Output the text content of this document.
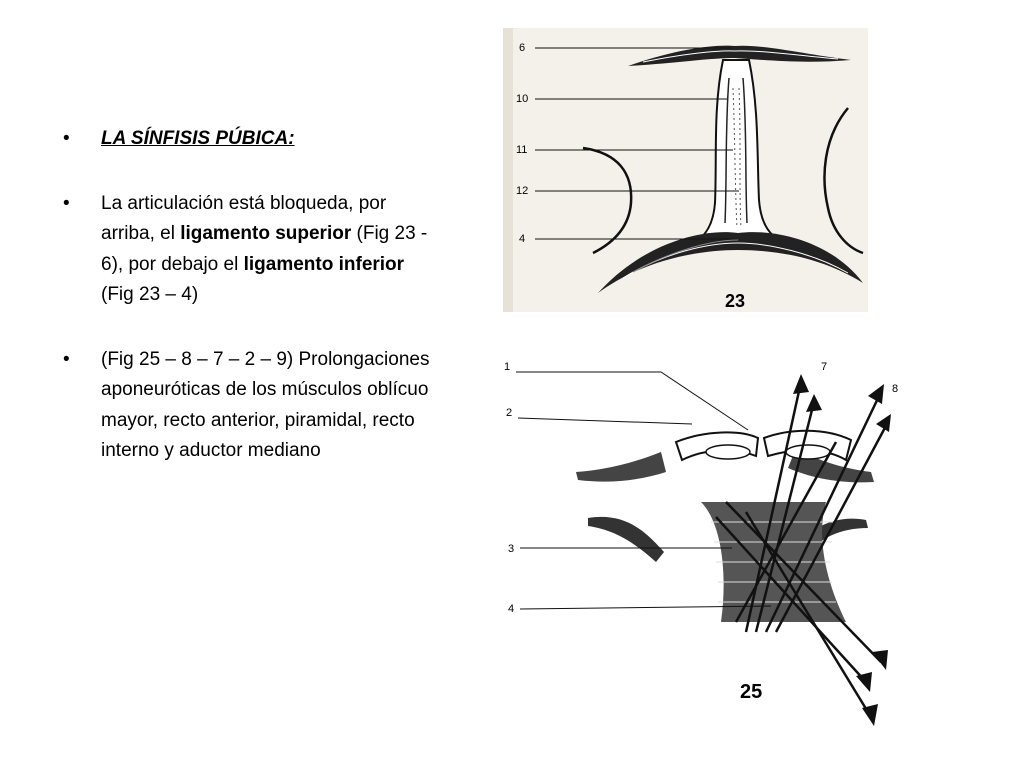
• LA SÍNFISIS PÚBICA:
• La articulación está bloqueda, por arriba, el ligamento superior (Fig 23 - 6), por debajo el ligamento inferior (Fig 23 – 4)
• (Fig 25 – 8 – 7 – 2 – 9) Prolongaciones aponeuróticas de los músculos oblícuo mayor, recto anterior, piramidal, recto interno y aductor mediano
6
10
11
12
4
23
1
2
3
4
7
8
25
